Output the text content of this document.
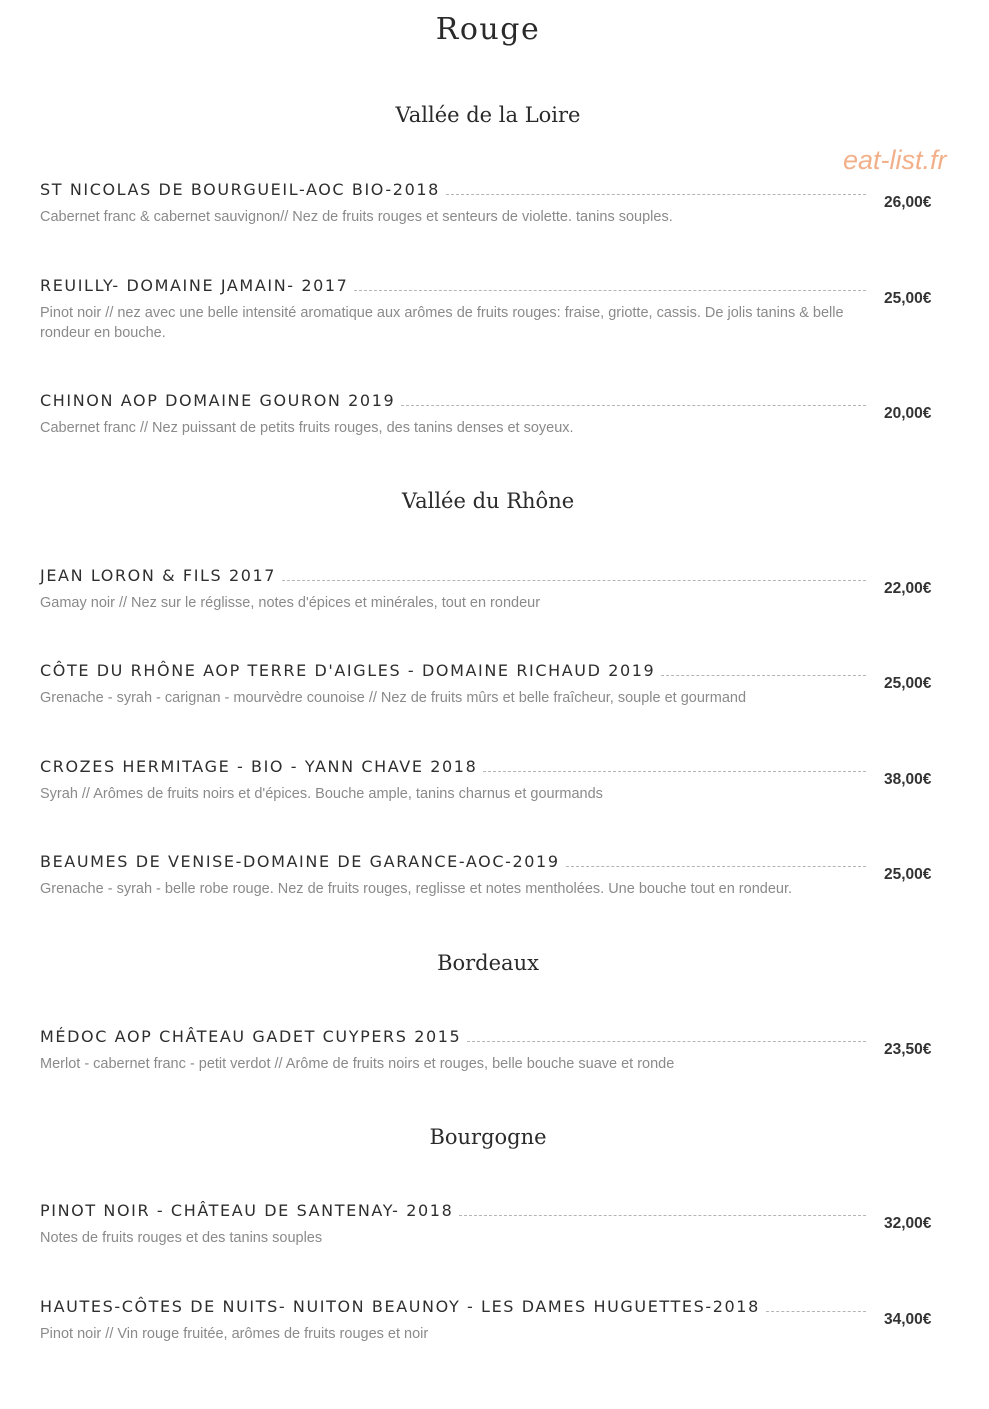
Rouge
eat-list.fr
Vallée de la Loire
ST NICOLAS DE BOURGUEIL-AOC BIO-2018
Cabernet franc & cabernet sauvignon// Nez de fruits rouges et senteurs de violette. tanins souples.
26,00€
REUILLY- DOMAINE JAMAIN- 2017
Pinot noir // nez avec une belle intensité aromatique aux arômes de fruits rouges: fraise, griotte, cassis. De jolis tanins & belle rondeur en bouche.
25,00€
CHINON AOP DOMAINE GOURON 2019
Cabernet franc // Nez puissant de petits fruits rouges, des tanins denses et soyeux.
20,00€
Vallée du Rhône
JEAN LORON & FILS 2017
Gamay noir // Nez sur le réglisse, notes d'épices et minérales, tout en rondeur
22,00€
CÔTE DU RHÔNE AOP TERRE D'AIGLES - DOMAINE RICHAUD 2019
Grenache - syrah - carignan - mourvèdre counoise // Nez de fruits mûrs et belle fraîcheur, souple et gourmand
25,00€
CROZES HERMITAGE - BIO - YANN CHAVE 2018
Syrah // Arômes de fruits noirs et d'épices. Bouche ample, tanins charnus et gourmands
38,00€
BEAUMES DE VENISE-DOMAINE DE GARANCE-AOC-2019
Grenache - syrah - belle robe rouge. Nez de fruits rouges, reglisse et notes mentholées. Une bouche tout en rondeur.
25,00€
Bordeaux
MÉDOC AOP CHÂTEAU GADET CUYPERS 2015
Merlot - cabernet franc - petit verdot // Arôme de fruits noirs et rouges, belle bouche suave et ronde
23,50€
Bourgogne
PINOT NOIR - CHÂTEAU DE SANTENAY- 2018
Notes de fruits rouges et des tanins souples
32,00€
HAUTES-CÔTES DE NUITS- NUITON BEAUNOY - LES DAMES HUGUETTES-2018
Pinot noir // Vin rouge fruitée, arômes de fruits rouges et noir
34,00€
